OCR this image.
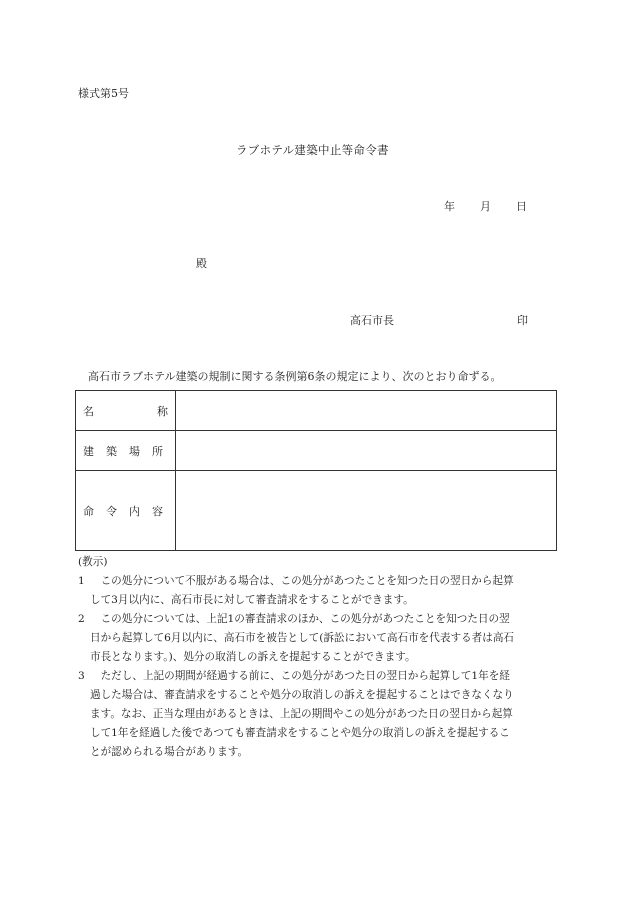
様式第5号
ラブホテル建築中止等命令書
年 月 日
殿
高石市長	印
高石市ラブホテル建築の規制に関する条例第6条の規定により、次のとおり命ずる。
名 称	

建 築 場 所	

命 令 内 容	

(教示)
1 　この処分について不服がある場合は、この処分があつたことを知つた日の翌日から起算
して3月以内に、高石市長に対して審査請求をすることができます。
2 　この処分については、上記1の審査請求のほか、この処分があつたことを知つた日の翌
日から起算して6月以内に、高石市を被告として(訴訟において高石市を代表する者は高石
市長となります。)、処分の取消しの訴えを提起することができます。
3 　ただし、上記の期間が経過する前に、この処分があつた日の翌日から起算して1年を経
過した場合は、審査請求をすることや処分の取消しの訴えを提起することはできなくなり
ます。なお、正当な理由があるときは、上記の期間やこの処分があつた日の翌日から起算
して1年を経過した後であつても審査請求をすることや処分の取消しの訴えを提起するこ
とが認められる場合があります。
